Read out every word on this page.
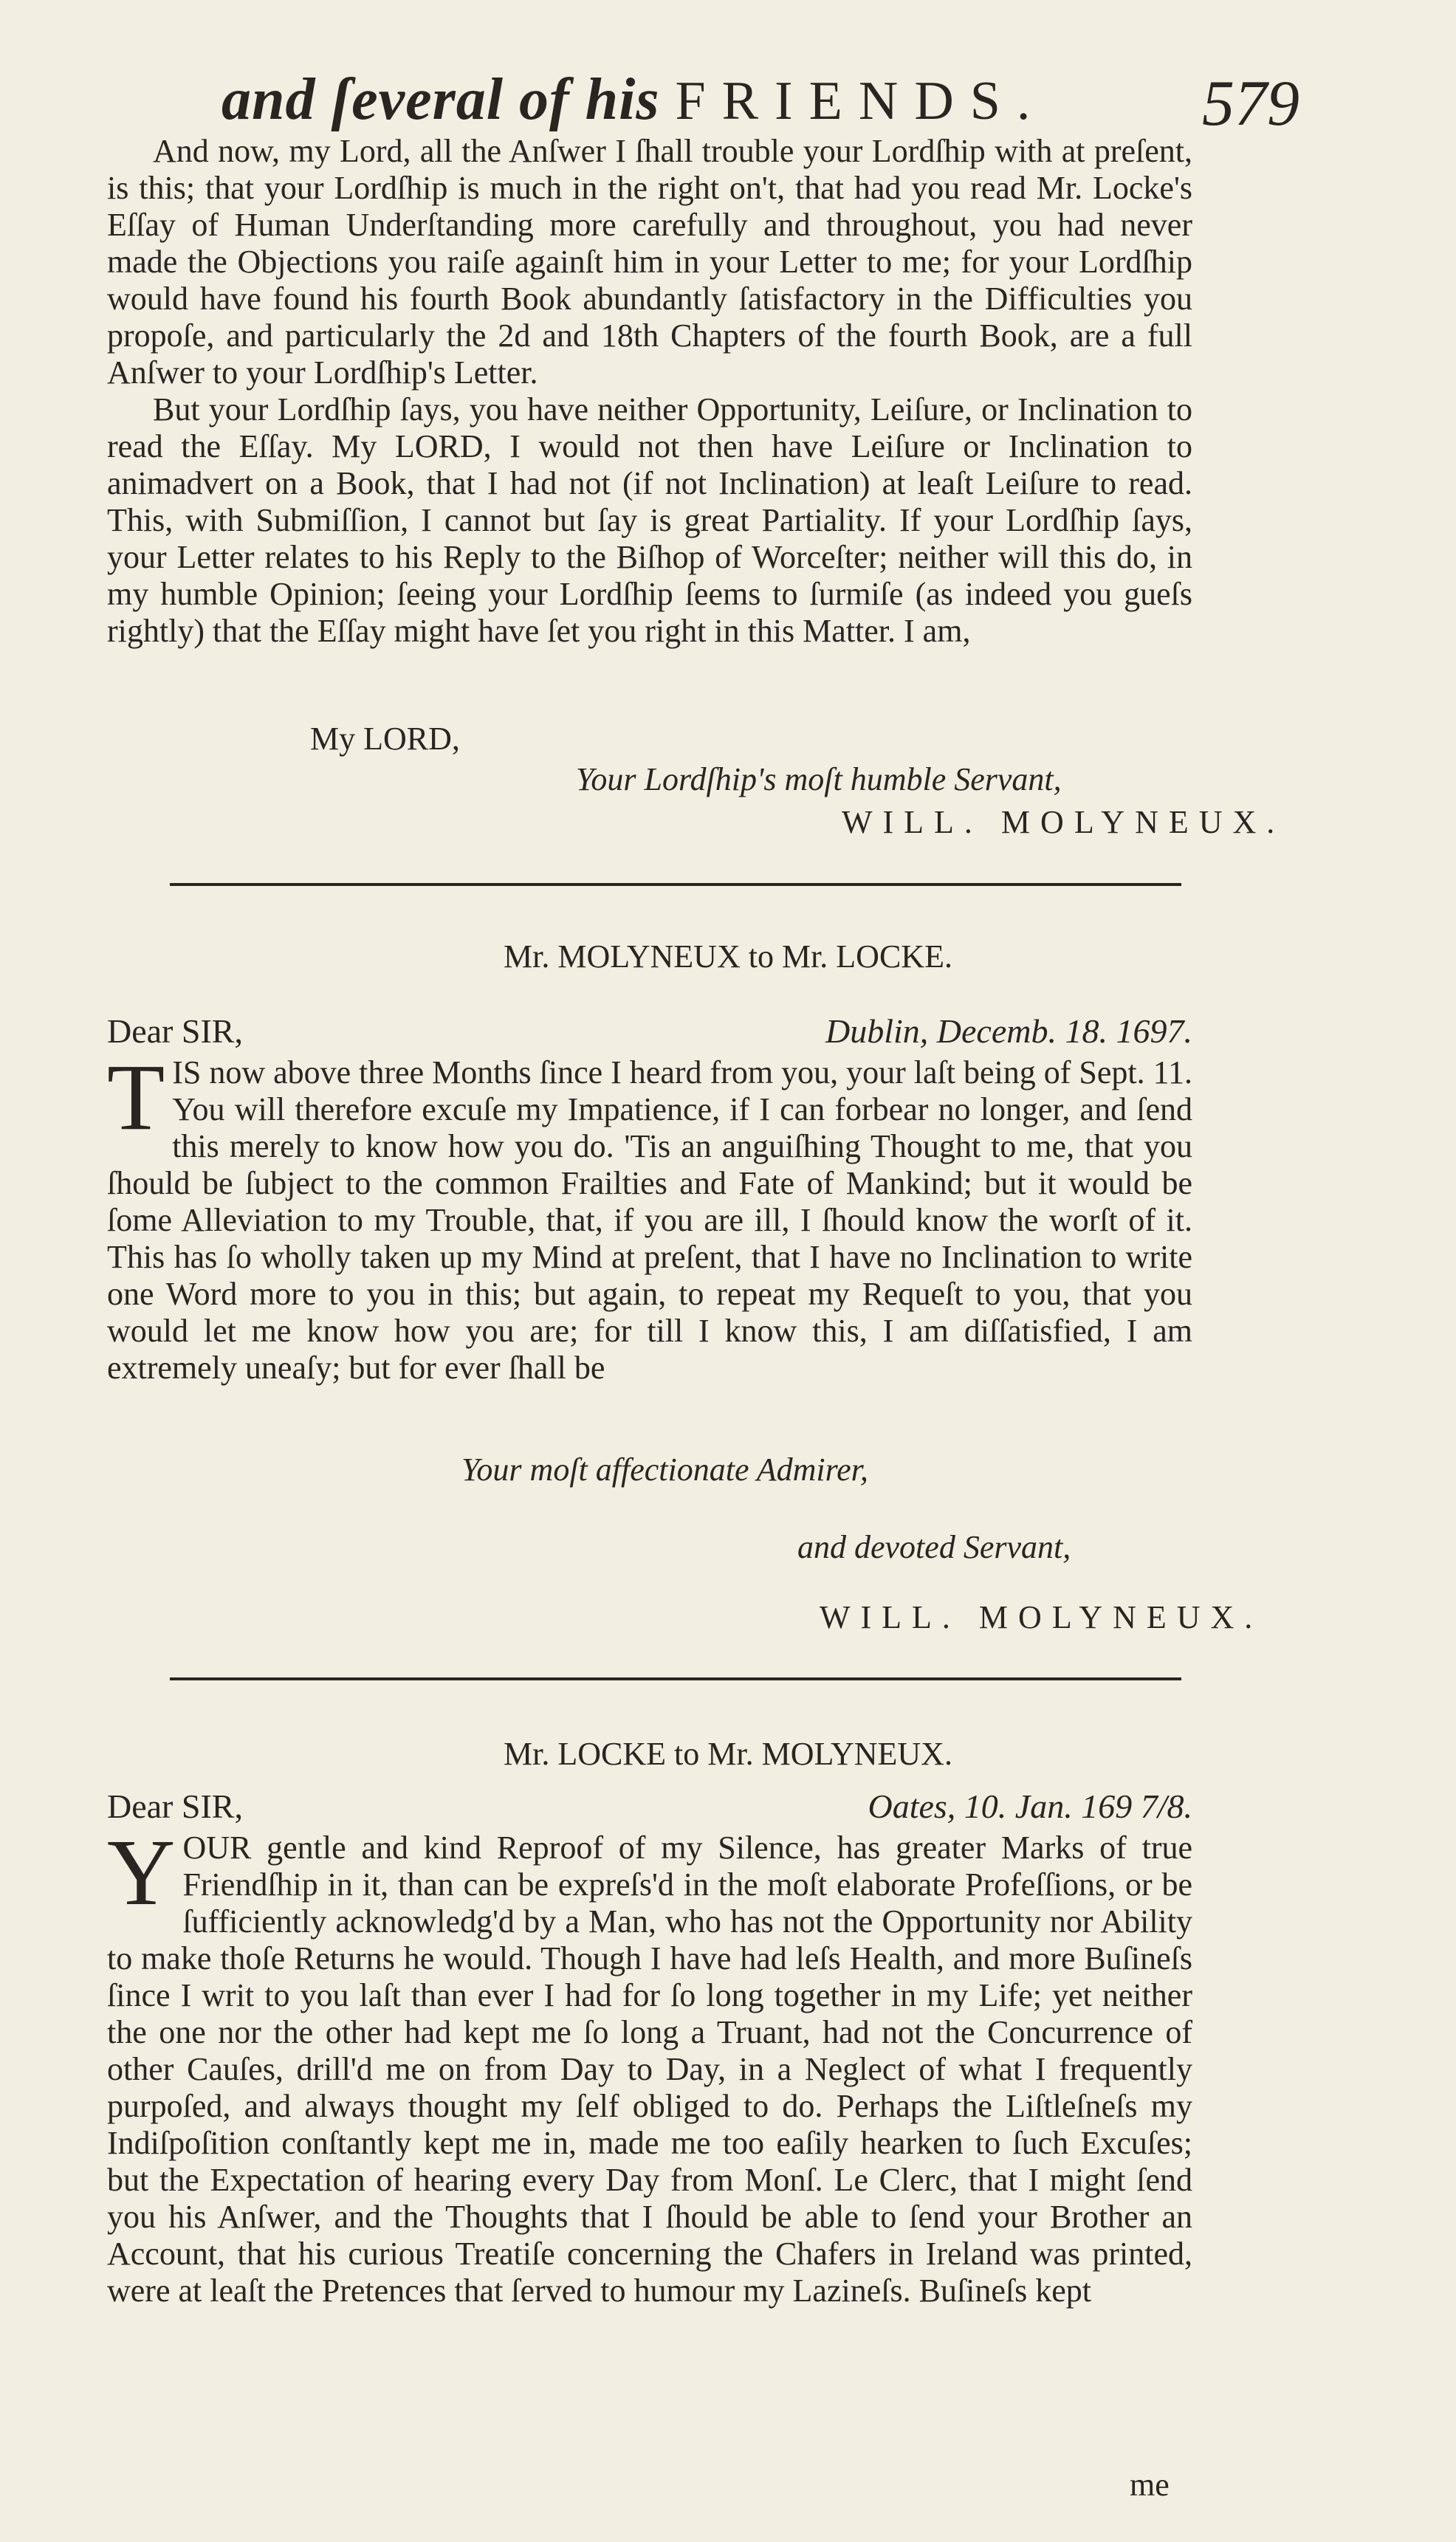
and ſeveral of his FRIENDS. 579

And now, my Lord, all the Anſwer I ſhall trouble your Lordſhip with at preſent, is this; that your Lordſhip is much in the right on't, that had you read Mr. Locke's Eſſay of Human Underſtanding more carefully and throughout, you had never made the Objections you raiſe againſt him in your Letter to me; for your Lordſhip would have found his fourth Book abundantly ſatisfactory in the Difficulties you propoſe, and particularly the 2d and 18th Chapters of the fourth Book, are a full Anſwer to your Lordſhip's Letter.

But your Lordſhip ſays, you have neither Opportunity, Leiſure, or Inclination to read the Eſſay. My LORD, I would not then have Leiſure or Inclination to animadvert on a Book, that I had not (if not Inclination) at leaſt Leiſure to read. This, with Submiſſion, I cannot but ſay is great Partiality. If your Lordſhip ſays, your Letter relates to his Reply to the Biſhop of Worceſter; neither will this do, in my humble Opinion; ſeeing your Lordſhip ſeems to ſurmiſe (as indeed you gueſs rightly) that the Eſſay might have ſet you right in this Matter. I am,

My LORD,
Your Lordſhip's moſt humble Servant,
WILL. MOLYNEUX.
Mr. MOLYNEUX to Mr. LOCKE.
Dear SIR,	Dublin, Decemb. 18. 1697.
T IS now above three Months ſince I heard from you, your laſt being of Sept. 11. You will therefore excuſe my Impatience, if I can forbear no longer, and ſend this merely to know how you do. 'Tis an anguiſhing Thought to me, that you ſhould be ſubject to the common Frailties and Fate of Mankind; but it would be ſome Alleviation to my Trouble, that, if you are ill, I ſhould know the worſt of it. This has ſo wholly taken up my Mind at preſent, that I have no Inclination to write one Word more to you in this; but again, to repeat my Requeſt to you, that you would let me know how you are; for till I know this, I am diſſatisfied, I am extremely uneaſy; but for ever ſhall be
Your moſt affectionate Admirer,
and devoted Servant,
WILL. MOLYNEUX.
Mr. LOCKE to Mr. MOLYNEUX.
Dear SIR,	Oates, 10. Jan. 169 7/8.
Y OUR gentle and kind Reproof of my Silence, has greater Marks of true Friendſhip in it, than can be expreſs'd in the moſt elaborate Profeſſions, or be ſufficiently acknowledg'd by a Man, who has not the Opportunity nor Ability to make thoſe Returns he would. Though I have had leſs Health, and more Buſineſs ſince I writ to you laſt than ever I had for ſo long together in my Life; yet neither the one nor the other had kept me ſo long a Truant, had not the Concurrence of other Cauſes, drill'd me on from Day to Day, in a Neglect of what I frequently purpoſed, and always thought my ſelf obliged to do. Perhaps the Liſtleſneſs my Indiſpoſition conſtantly kept me in, made me too eaſily hearken to ſuch Excuſes; but the Expectation of hearing every Day from Monſ. Le Clerc, that I might ſend you his Anſwer, and the Thoughts that I ſhould be able to ſend your Brother an Account, that his curious Treatiſe concerning the Chafers in Ireland was printed, were at leaſt the Pretences that ſerved to humour my Lazineſs. Buſineſs kept
me
